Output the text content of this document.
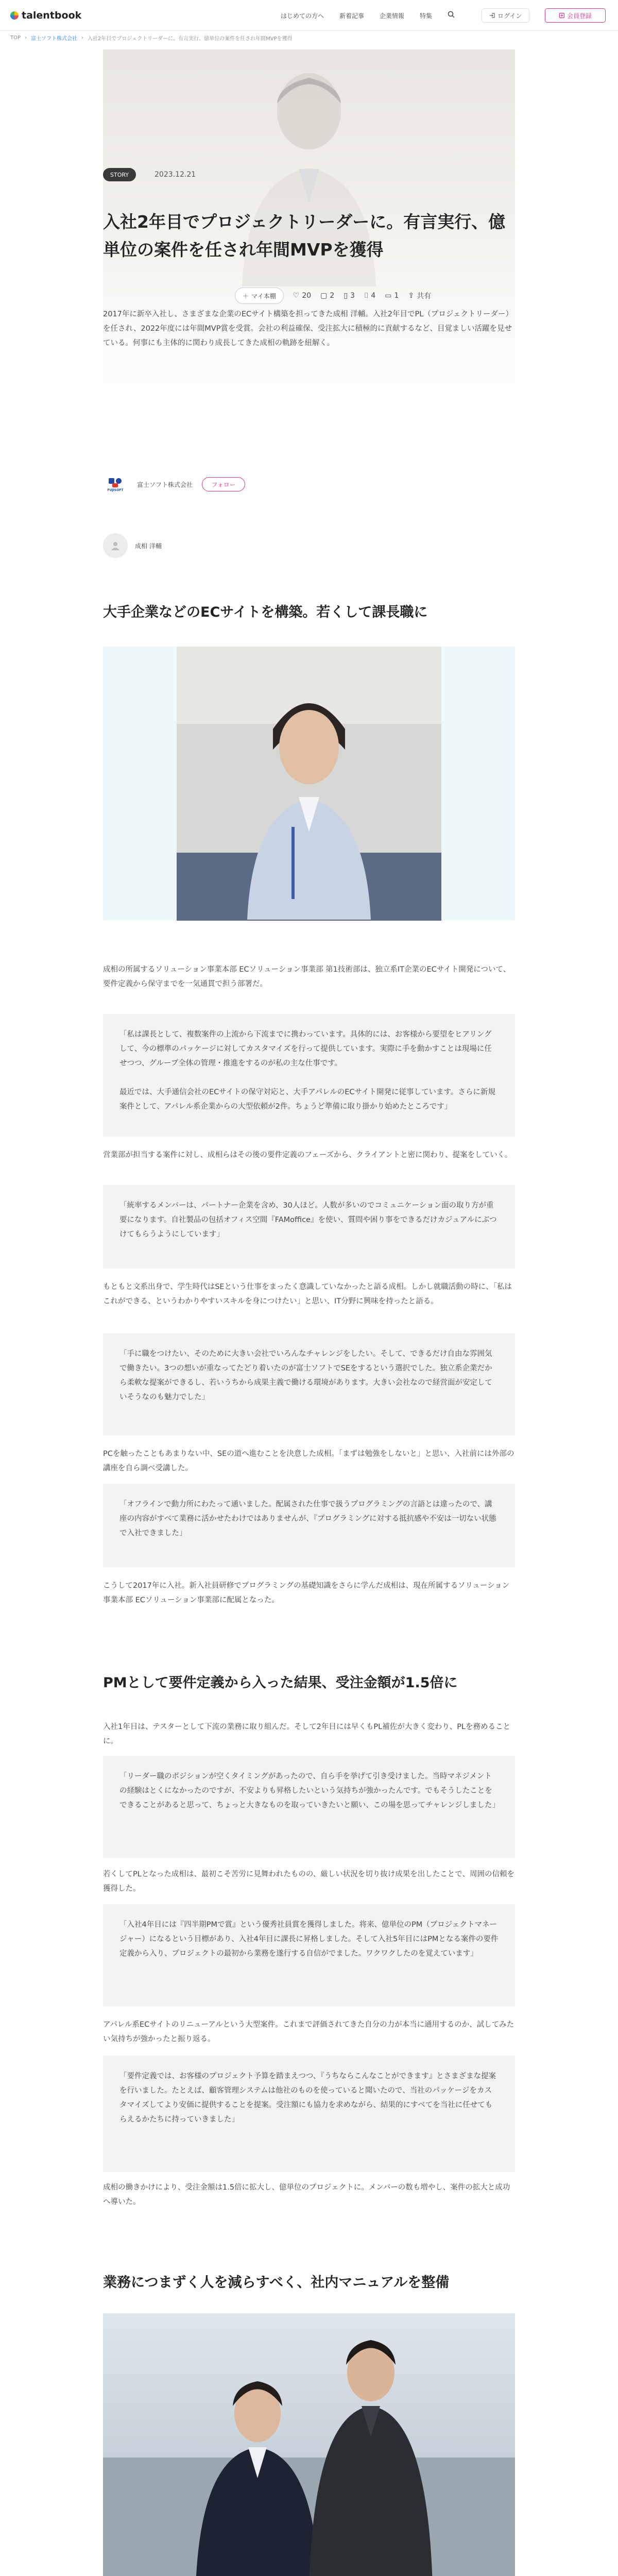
talentbook	はじめての方へ	新着記事	企業情報	特集	ログイン	会員登録
TOP › 富士ソフト株式会社 › 入社2年目でプロジェクトリーダーに。有言実行、億単位の案件を任され年間MVPを獲得
STORY	2023.12.21
入社2年目でプロジェクトリーダーに。有言実行、億単位の案件を任され年間MVPを獲得
＋ マイ本棚 ♡ 20 ▢ 2 ▯ 3 ⌷ 4 ▭ 1 ⇪ 共有
2017年に新卒入社し、さまざまな企業のECサイト構築を担ってきた成相 洋輔。入社2年目でPL（プロジェクトリーダー）を任され、2022年度には年間MVP賞を受賞。会社の利益確保、受注拡大に積極的に貢献するなど、目覚ましい活躍を見せている。何事にも主体的に関わり成長してきた成相の軌跡を紐解く。
FUJISOFT
富士ソフト株式会社	フォロー
成相 洋輔
大手企業などのECサイトを構築。若くして課長職に
成相の所属するソリューション事業本部 ECソリューション事業部 第1技術部は、独立系IT企業のECサイト開発について、要件定義から保守までを一気通貫で担う部署だ。

「私は課長として、複数案件の上流から下流までに携わっています。具体的には、お客様から要望をヒアリングして、今の標準のパッケージに対してカスタマイズを行って提供しています。実際に手を動かすことは現場に任せつつ、グループ全体の管理・推進をするのが私の主な仕事です。

最近では、大手通信会社のECサイトの保守対応と、大手アパレルのECサイト開発に従事しています。さらに新規案件として、アパレル系企業からの大型依頼が2件。ちょうど準備に取り掛かり始めたところです」

営業部が担当する案件に対し、成相らはその後の要件定義のフェーズから、クライアントと密に関わり、提案をしていく。

「統率するメンバーは、パートナー企業を含め、30人ほど。人数が多いのでコミュニケーション面の取り方が重要になります。自社製品の包括オフィス空間『FAMoffice』を使い、質問や困り事をできるだけカジュアルにぶつけてもらうようにしています」

もともと文系出身で、学生時代はSEという仕事をまったく意識していなかったと語る成相。しかし就職活動の時に、「私はこれができる、というわかりやすいスキルを身につけたい」と思い、IT分野に興味を持ったと語る。

「手に職をつけたい、そのために大きい会社でいろんなチャレンジをしたい。そして、できるだけ自由な雰囲気で働きたい。3つの想いが重なってたどり着いたのが富士ソフトでSEをするという選択でした。独立系企業だから柔軟な提案ができるし、若いうちから成果主義で働ける環境があります。大きい会社なので経営面が安定していそうなのも魅力でした」

PCを触ったこともあまりない中、SEの道へ進むことを決意した成相。「まずは勉強をしないと」と思い、入社前には外部の講座を自ら調べ受講した。

「オフラインで動力所にわたって通いました。配属された仕事で扱うプログラミングの言語とは違ったので、講座の内容がすべて業務に活かせたわけではありませんが、『プログラミングに対する抵抗感や不安は一切ない状態で入社できました」

こうして2017年に入社。新入社員研修でプログラミングの基礎知識をさらに学んだ成相は、現在所属するソリューション事業本部 ECソリューション事業部に配属となった。
PMとして要件定義から入った結果、受注金額が1.5倍に
入社1年目は、テスターとして下流の業務に取り組んだ。そして2年目には早くもPL補佐が大きく変わり、PLを務めることに。

「リーダー職のポジションが空くタイミングがあったので、自ら手を挙げて引き受けました。当時マネジメントの経験はとくになかったのですが、不安よりも昇格したいという気持ちが強かったんです。でもそうしたことをできることがあると思って、ちょっと大きなものを取っていきたいと願い、この場を思ってチャレンジしました」

若くしてPLとなった成相は、最初こそ苦労に見舞われたものの、厳しい状況を切り抜け成果を出したことで、周囲の信頼を獲得した。

「入社4年目には『四半期PMで賞』という優秀社員賞を獲得しました。将来、億単位のPM（プロジェクトマネージャー）になるという目標があり、入社4年目に課長に昇格しました。そして入社5年目にはPMとなる案件の要件定義から入り、プロジェクトの最初から業務を遂行する自信がでました。ワクワクしたのを覚えています」

アパレル系ECサイトのリニューアルという大型案件。これまで評価されてきた自分の力が本当に通用するのか、試してみたい気持ちが強かったと振り返る。

「要件定義では、お客様のプロジェクト予算を踏まえつつ、『うちならこんなことができます』とさまざまな提案を行いました。たとえば、顧客管理システムは他社のものを使っていると聞いたので、当社のパッケージをカスタマイズしてより安価に提供することを提案。受注額にも協力を求めながら、結果的にすべてを当社に任せてもらえるかたちに持っていきました」

成相の働きかけにより、受注金額は1.5倍に拡大し、億単位のプロジェクトに。メンバーの数も増やし、案件の拡大と成功へ導いた。
業務につまずく人を減らすべく、社内マニュアルを整備
